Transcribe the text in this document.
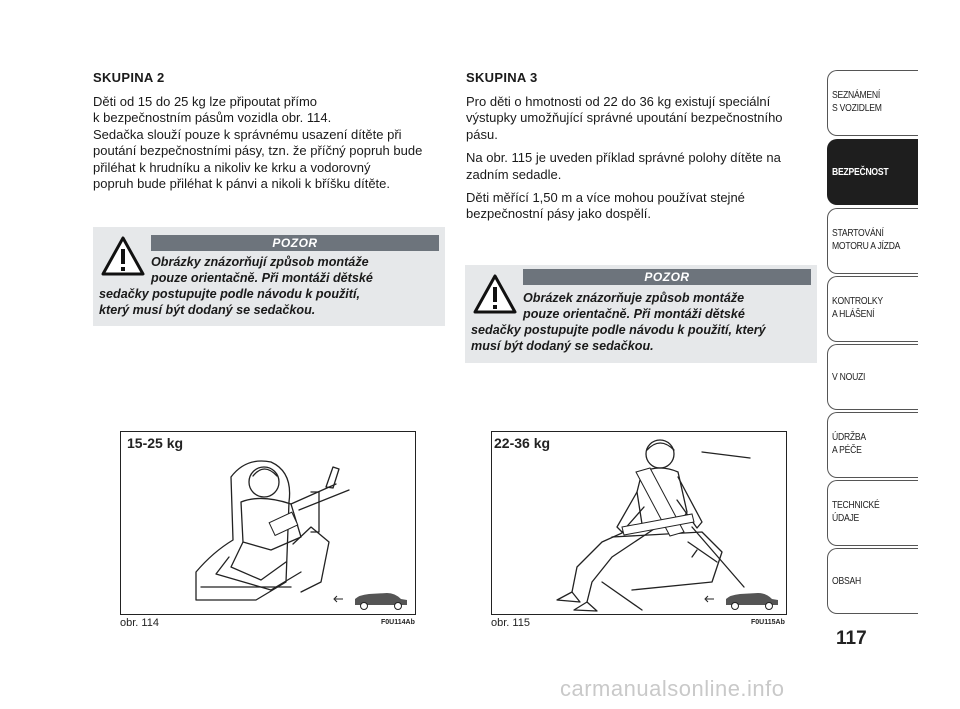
SKUPINA 2
Děti od 15 do 25 kg lze připoutat přímo
k bezpečnostním pásům vozidla obr. 114.
Sedačka slouží pouze k správnému usazení dítěte při
poutání bezpečnostními pásy, tzn. že příčný popruh bude
přiléhat k hrudníku a nikoliv ke krku a vodorovný
popruh bude přiléhat k pánvi a nikoli k bříšku dítěte.
POZOR
Obrázky znázorňují způsob montáže
pouze orientačně. Při montáži dětské
sedačky postupujte podle návodu k použití,
který musí být dodaný se sedačkou.
15-25 kg
obr. 114	F0U114Ab
SKUPINA 3

Pro děti o hmotnosti od 22 do 36 kg existují speciální
výstupky umožňující správné upoutání bezpečnostního
pásu.

Na obr. 115 je uveden příklad správné polohy dítěte na
zadním sedadle.

Děti měřící 1,50 m a více mohou používat stejné
bezpečnostní pásy jako dospělí.

POZOR
Obrázek znázorňuje způsob montáže
pouze orientačně. Při montáži dětské
sedačky postupujte podle návodu k použití, který
musí být dodaný se sedačkou.
22-36 kg
obr. 115	F0U115Ab
SEZNÁMENÍ
S VOZIDLEM
BEZPEČNOST
STARTOVÁNÍ
MOTORU A JÍZDA
KONTROLKY
A HLÁŠENÍ
V NOUZI
ÚDRŽBA
A PÉČE
TECHNICKÉ
ÚDAJE
OBSAH
117
carmanualsonline.info
